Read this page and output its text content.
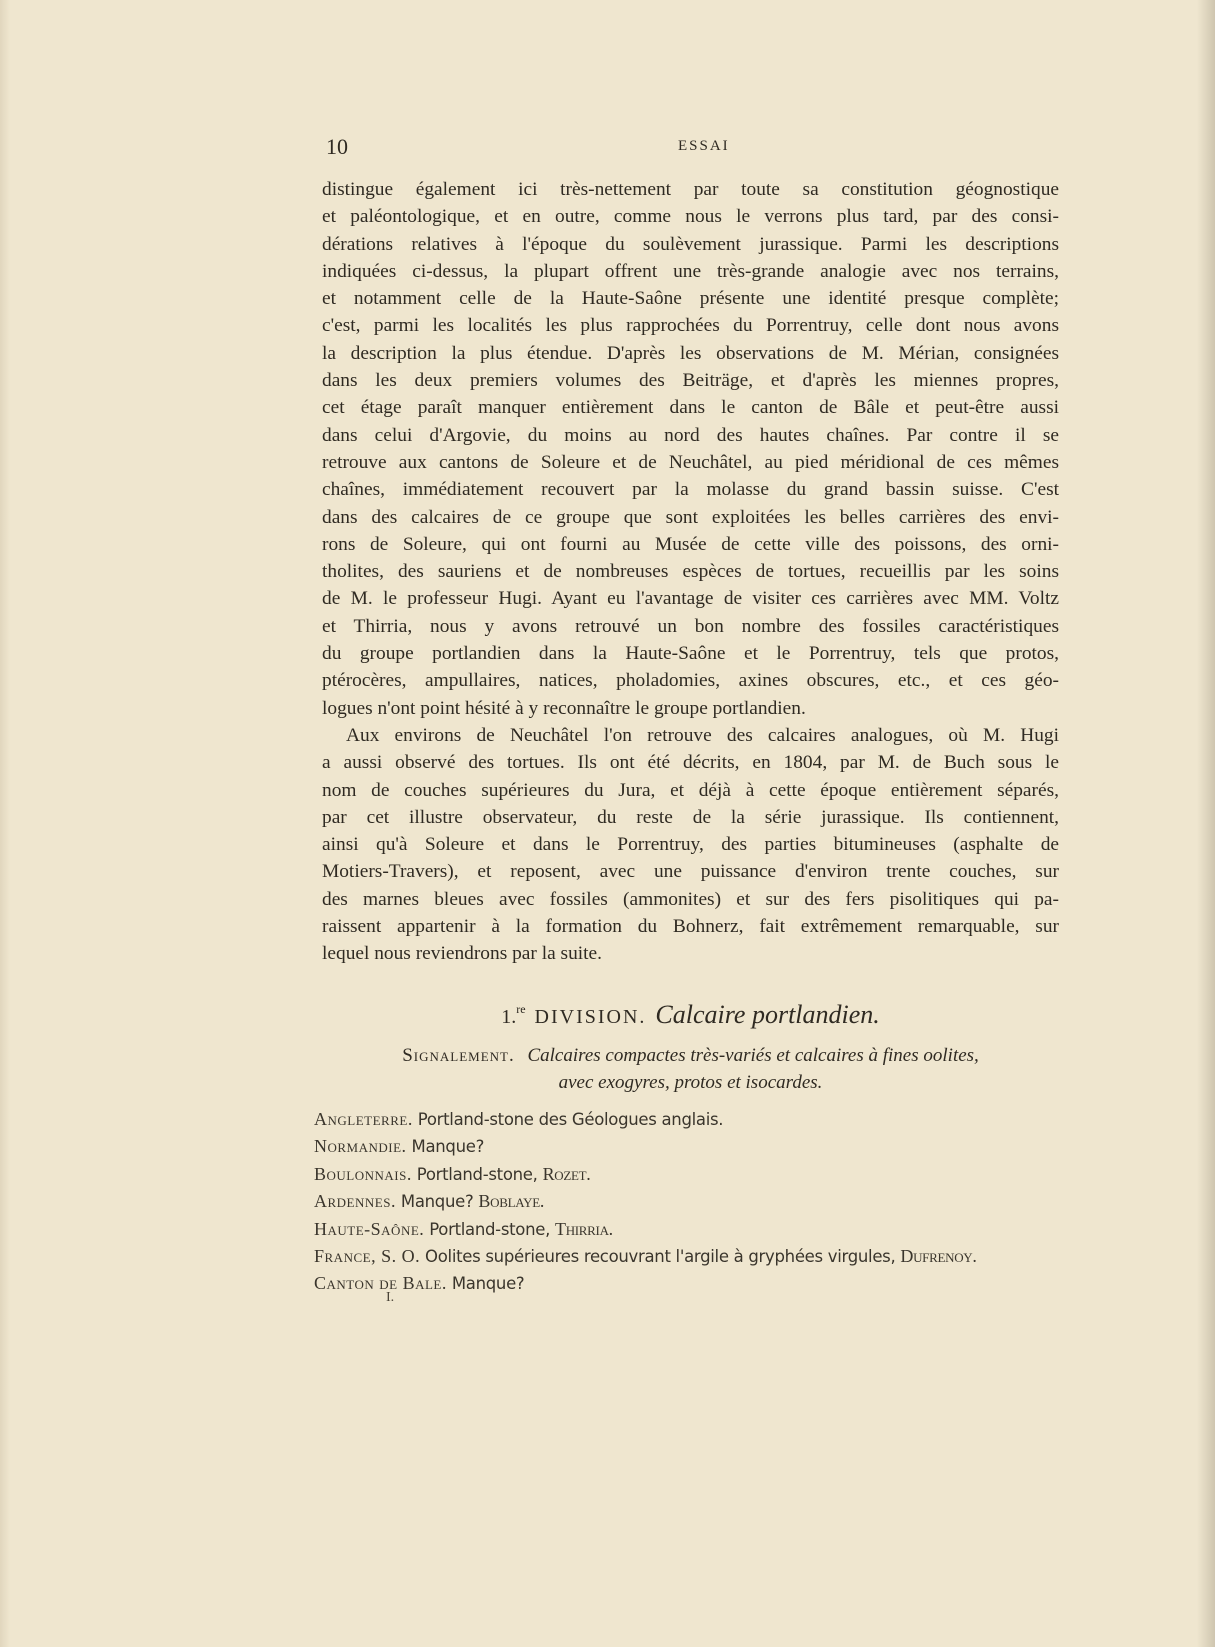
10	ESSAI
distingue également ici très-nettement par toute sa constitution géognostique
et paléontologique, et en outre, comme nous le verrons plus tard, par des consi-
dérations relatives à l'époque du soulèvement jurassique. Parmi les descriptions
indiquées ci-dessus, la plupart offrent une très-grande analogie avec nos terrains,
et notamment celle de la Haute-Saône présente une identité presque complète;
c'est, parmi les localités les plus rapprochées du Porrentruy, celle dont nous avons
la description la plus étendue. D'après les observations de M. Mérian, consignées
dans les deux premiers volumes des Beiträge, et d'après les miennes propres,
cet étage paraît manquer entièrement dans le canton de Bâle et peut-être aussi
dans celui d'Argovie, du moins au nord des hautes chaînes. Par contre il se
retrouve aux cantons de Soleure et de Neuchâtel, au pied méridional de ces mêmes
chaînes, immédiatement recouvert par la molasse du grand bassin suisse. C'est
dans des calcaires de ce groupe que sont exploitées les belles carrières des envi-
rons de Soleure, qui ont fourni au Musée de cette ville des poissons, des orni-
tholites, des sauriens et de nombreuses espèces de tortues, recueillis par les soins
de M. le professeur Hugi. Ayant eu l'avantage de visiter ces carrières avec MM. Voltz
et Thirria, nous y avons retrouvé un bon nombre des fossiles caractéristiques
du groupe portlandien dans la Haute-Saône et le Porrentruy, tels que protos,
ptérocères, ampullaires, natices, pholadomies, axines obscures, etc., et ces géo-
logues n'ont point hésité à y reconnaître le groupe portlandien.
Aux environs de Neuchâtel l'on retrouve des calcaires analogues, où M. Hugi
a aussi observé des tortues. Ils ont été décrits, en 1804, par M. de Buch sous le
nom de couches supérieures du Jura, et déjà à cette époque entièrement séparés,
par cet illustre observateur, du reste de la série jurassique. Ils contiennent,
ainsi qu'à Soleure et dans le Porrentruy, des parties bitumineuses (asphalte de
Motiers-Travers), et reposent, avec une puissance d'environ trente couches, sur
des marnes bleues avec fossiles (ammonites) et sur des fers pisolitiques qui pa-
raissent appartenir à la formation du Bohnerz, fait extrêmement remarquable, sur
lequel nous reviendrons par la suite.
1.$^{re}$ DIVISION. Calcaire portlandien.
Signalement. Calcaires compactes très-variés et calcaires à fines oolites,
avec exogyres, protos et isocardes.
Angleterre. Portland-stone des Géologues anglais.
Normandie. Manque?
Boulonnais. Portland-stone, Rozet.
Ardennes. Manque? Boblaye.
Haute-Saône. Portland-stone, Thirria.
France, S. O. Oolites supérieures recouvrant l'argile à gryphées virgules, Dufrenoy.
Canton de Bale. Manque?
I.
